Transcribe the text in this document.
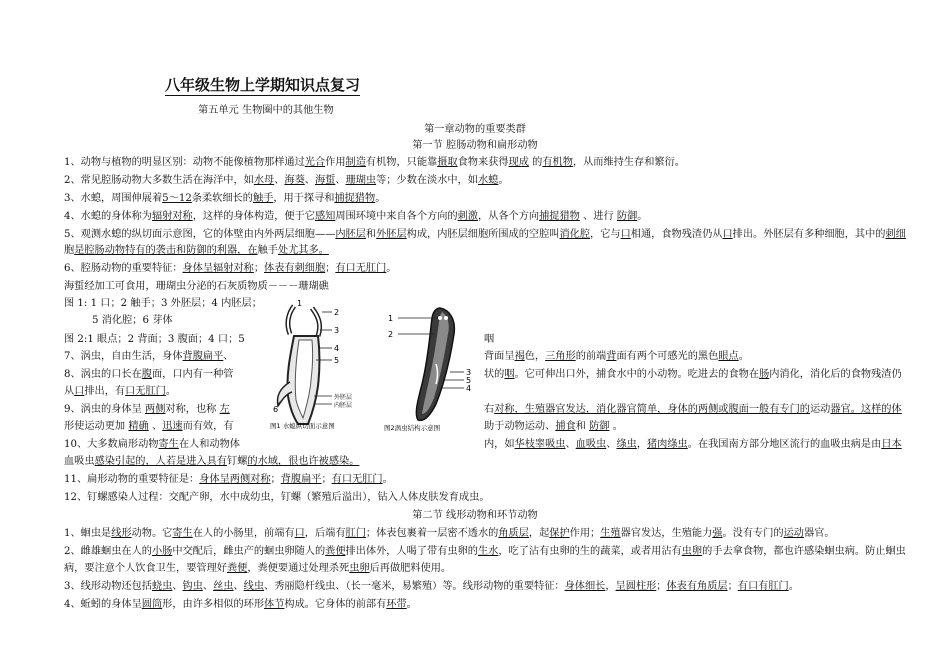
八年级生物上学期知识点复习
第五单元 生物圈中的其他生物
第一章动物的重要类群
第一节 腔肠动物和扁形动物
1、动物与植物的明显区别：动物不能像植物那样通过光合作用制造有机物，只能靠摄取食物来获得现成 的有机物，从而维持生存和繁衍。
2、常见腔肠动物大多数生活在海洋中，如水母、海葵、海蜇、珊瑚虫等；少数在淡水中，如水螅。
3、水螅，周围伸展着5～12条柔软细长的触手，用于探寻和捕捉猎物。
4、水螅的身体称为辐射对称，这样的身体构造，便于它感知周围环境中来自各个方向的刺激，从各个方向捕捉猎物 、进行 防御。
5、观测水螅的纵切面示意图，它的体壁由内外两层细胞——内胚层和外胚层构成，内胚层细胞所围成的空腔叫消化腔，它与口相通，食物残渣仍从口排出。外胚层有多种细胞，其中的刺细
胞是腔肠动物特有的袭击和防御的利器，在触手处尤其多。
6、腔肠动物的重要特征：身体呈辐射对称；体表有刺细胞；有口无肛门。
海蜇经加工可食用，珊瑚虫分泌的石灰质物质－－－珊瑚礁
图 1: 1 口；2 触手；3 外胚层；4 内胚层；
5 消化腔；6 芽体
图 2:1 眼点；2 背面；3 腹面；4 口；5	咽
7、涡虫，自由生活，身体背腹扁平、	背面呈褐色，三角形的前端背面有两个可感光的黑色眼点。
8、涡虫的口长在腹面，口内有一种管	状的咽。它可伸出口外，捕食水中的小动物。吃进去的食物在肠内消化，消化后的食物残渣仍
从口排出，有口无肛门。
9、涡虫的身体呈 两侧对称，也称 左	右对称，生殖器官发达，消化器官简单，身体的两侧或腹面一般有专门的运动器官。这样的体
形使运动更加 精确 、迅速而有效，有	助于动物运动、捕食和 防御 。
10、大多数扁形动物寄生在人和动物体	内，如华枝睾吸虫、血吸虫、绦虫，猪肉绦虫。在我国南方部分地区流行的血吸虫病是由日本
血吸虫感染引起的，人若是进入具有钉螺的水域，很也许被感染。
11、扁形动物的重要特征是：身体呈两侧对称；背腹扁平；有口无肛门。
12、钉螺感染人过程：交配产卵，水中成幼虫，钉螺（繁殖后溢出），钻入人体皮肤发育成虫。
第二节 线形动物和环节动物
1、蛔虫是线形动物。它寄生在人的小肠里，前端有口，后端有肛门；体表包裹着一层密不透水的角质层，起保护作用；生殖器官发达，生殖能力强。没有专门的运动器官。
2、雌雄蛔虫在人的小肠中交配后，雌虫产的蛔虫卵随人的粪便排出体外，人喝了带有虫卵的生水，吃了沾有虫卵的生的蔬菜，或者用沾有虫卵的手去拿食物，都也许感染蛔虫病。防止蛔虫
病，要注意个人饮食卫生，要管理好粪便，粪便要通过处理杀死虫卵后再做肥料使用。
3、线形动物还包括蛲虫、钩虫、丝虫、线虫、秀丽隐杆线虫、（长一毫米，易繁殖）等。线形动物的重要特征：身体细长，呈圆柱形；体表有角质层；有口有肛门。
4、蚯蚓的身体呈圆筒形，由许多相似的环形体节构成。它身体的前部有环带。
1
2
3
4
5
6
外胚层
内胚层
图1 水螅纵切面示意图
1
2
3
5
4
图2涡虫结构示意图
